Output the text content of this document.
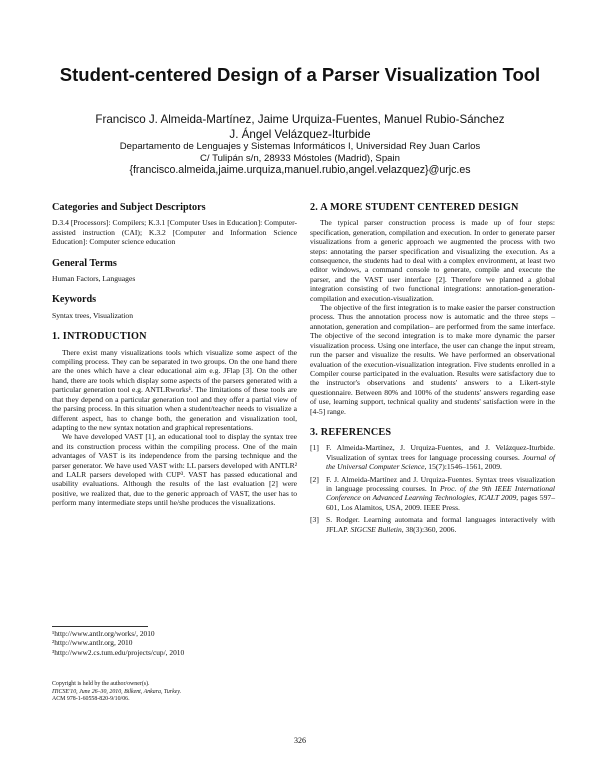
Student-centered Design of a Parser Visualization Tool
Francisco J. Almeida-Martínez, Jaime Urquiza-Fuentes, Manuel Rubio-Sánchez
J. Ángel Velázquez-Iturbide
Departamento de Lenguajes y Sistemas Informáticos I, Universidad Rey Juan Carlos
C/ Tulipán s/n, 28933 Móstoles (Madrid), Spain
{francisco.almeida,jaime.urquiza,manuel.rubio,angel.velazquez}@urjc.es
Categories and Subject Descriptors

D.3.4 [Processors]: Compilers; K.3.1 [Computer Uses in Education]: Computer-assisted instruction (CAI); K.3.2 [Computer and Information Science Education]: Computer science education

General Terms

Human Factors, Languages

Keywords

Syntax trees, Visualization

1. INTRODUCTION

There exist many visualizations tools which visualize some aspect of the compiling process. They can be separated in two groups. On the one hand there are the ones which have a clear educational aim e.g. JFlap [3]. On the other hand, there are tools which display some aspects of the parsers generated with a particular generation tool e.g. ANTLRworks¹. The limitations of these tools are that they depend on a particular generation tool and they offer a partial view of the parsing process. In this situation when a student/teacher needs to visualize a different aspect, has to change both, the generation and visualization tool, adapting to the new syntax notation and graphical representations.

We have developed VAST [1], an educational tool to display the syntax tree and its construction process within the compiling process. One of the main advantages of VAST is its independence from the parsing technique and the parser generator. We have used VAST with: LL parsers developed with ANTLR² and LALR parsers developed with CUP³. VAST has passed educational and usability evaluations. Although the results of the last evaluation [2] were positive, we realized that, due to the generic approach of VAST, the user has to perform many intermediate steps until he/she produces the visualizations.

¹http://www.antlr.org/works/, 2010
²http://www.antlr.org, 2010
³http://www2.cs.tum.edu/projects/cup/, 2010
Copyright is held by the author/owner(s).
ITiCSE'10, June 26–30, 2010, Bilkent, Ankara, Turkey.
ACM 978-1-60558-820-9/10/06.
2. A MORE STUDENT CENTERED DESIGN

The typical parser construction process is made up of four steps: specification, generation, compilation and execution. In order to generate parser visualizations from a generic approach we augmented the process with two steps: annotating the parser specification and visualizing the execution. As a consequence, the students had to deal with a complex environment, at least two editor windows, a command console to generate, compile and execute the parser, and the VAST user interface [2]. Therefore we planned a global integration consisting of two functional integrations: annotation-generation-compilation and execution-visualization.

The objective of the first integration is to make easier the parser construction process. Thus the annotation process now is automatic and the three steps –annotation, generation and compilation– are performed from the same interface. The objective of the second integration is to make more dynamic the parser visualization process. Using one interface, the user can change the input stream, run the parser and visualize the results. We have performed an observational evaluation of the execution-visualization integration. Five students enrolled in a Compiler course participated in the evaluation. Results were satisfactory due to the instructor's observations and students' answers to a Likert-style questionnaire. Between 80% and 100% of the students' answers regarding ease of use, learning support, technical quality and students' satisfaction were in the [4-5] range.

3. REFERENCES
[1] F. Almeida-Martínez, J. Urquiza-Fuentes, and J. Velázquez-Iturbide. Visualization of syntax trees for language processing courses. Journal of the Universal Computer Science, 15(7):1546–1561, 2009.
[2] F. J. Almeida-Martínez and J. Urquiza-Fuentes. Syntax trees visualization in language processing courses. In Proc. of the 9th IEEE International Conference on Advanced Learning Technologies, ICALT 2009, pages 597–601, Los Alamitos, USA, 2009. IEEE Press.
[3] S. Rodger. Learning automata and formal languages interactively with JFLAP. SIGCSE Bulletin, 38(3):360, 2006.
326
